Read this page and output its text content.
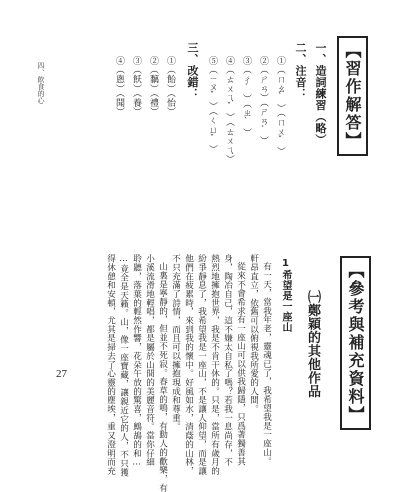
四、飲食的心	【習作解答】
一、造詞練習（略）
二、注音：
①（ㄇㄠˋ）（ㄇㄨˇ）
②（ㄕㄢ）（ㄕㄢˋ）
③（ㄔˊ）（ㄓˋ）
④（ㄊㄨㄟˇ）（ㄊㄨㄟ）
⑤（ㄧㄡˇ）（ㄑㄩˇ）
三、改錯：
①（飴）（怡）
②（黐）（禮）
③（飫）（養）
④（悤）（聞）
【參考與補充資料】
㈠鄭穎的其他作品
1希望是一座山
有一天，當我年老，靈魂已了，我希望我是一座山。
軒昂直立，依舊可以俯視我所愛的人間。
從來不會希求有一座山可以供我歸隱，只爲著獨善其
身，陶冶自己，這不嫌太自私了嗎？若我一息尚存，不
熱烈地擁抱世界，我是不肯干休的。只是，當所有歲月的
紛爭靜息了，我希望我是一座山，不是讓人仰望，而是讓
他們在疲累時，來到我的懷中。好風如水，清蔭的山林，
不只充滿了詩情，而且可以擁抱現成和尊重。
山裏是寧靜的，但並不死寂。春草的鳴，有動人的歡樂，有
小溪流滑地輕唱，都是屬於山間的美麗音符。當你仔細
聆聽，落葉的輕然作響，花朵午放的驚喜，鷓鴣的和…
…竟全是天籟。山，像一座寶藏，讓親近它的人，不只獲
得休憩和安頓，尤其是掃去了心靈的塵埃，重又澄明而充
27
